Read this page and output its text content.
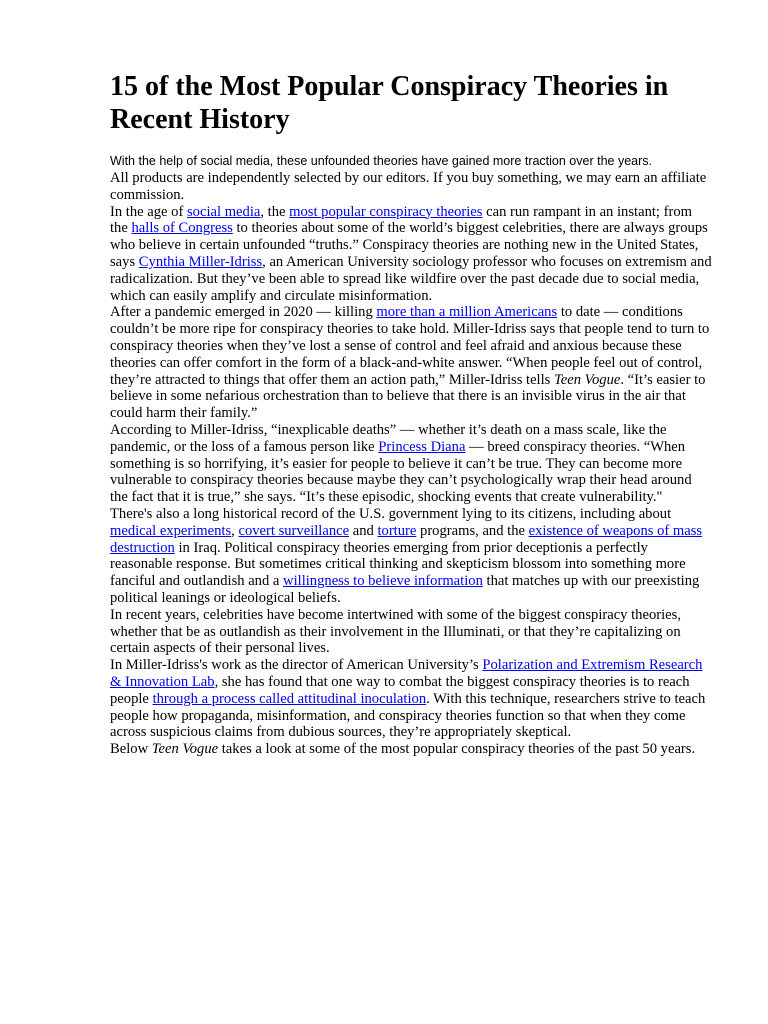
15 of the Most Popular Conspiracy Theories in Recent History

With the help of social media, these unfounded theories have gained more traction over the years.

All products are independently selected by our editors. If you buy something, we may earn an affiliate commission.

In the age of social media, the most popular conspiracy theories can run rampant in an instant; from the halls of Congress to theories about some of the world’s biggest celebrities, there are always groups who believe in certain unfounded “truths.” Conspiracy theories are nothing new in the United States, says Cynthia Miller-Idriss, an American University sociology professor who focuses on extremism and radicalization. But they’ve been able to spread like wildfire over the past decade due to social media, which can easily amplify and circulate misinformation.

After a pandemic emerged in 2020 — killing more than a million Americans to date — conditions couldn’t be more ripe for conspiracy theories to take hold. Miller-Idriss says that people tend to turn to conspiracy theories when they’ve lost a sense of control and feel afraid and anxious because these theories can offer comfort in the form of a black-and-white answer. “When people feel out of control, they’re attracted to things that offer them an action path,” Miller-Idriss tells Teen Vogue. “It’s easier to believe in some nefarious orchestration than to believe that there is an invisible virus in the air that could harm their family.”

According to Miller-Idriss, “inexplicable deaths” — whether it’s death on a mass scale, like the pandemic, or the loss of a famous person like Princess Diana — breed conspiracy theories. “When something is so horrifying, it’s easier for people to believe it can’t be true. They can become more vulnerable to conspiracy theories because maybe they can’t psychologically wrap their head around the fact that it is true,” she says. “It’s these episodic, shocking events that create vulnerability."

There's also a long historical record of the U.S. government lying to its citizens, including about medical experiments, covert surveillance and torture programs, and the existence of weapons of mass destruction in Iraq. Political conspiracy theories emerging from prior deceptionis a perfectly reasonable response. But sometimes critical thinking and skepticism blossom into something more fanciful and outlandish and a willingness to believe information that matches up with our preexisting political leanings or ideological beliefs.

In recent years, celebrities have become intertwined with some of the biggest conspiracy theories, whether that be as outlandish as their involvement in the Illuminati, or that they’re capitalizing on certain aspects of their personal lives.

In Miller-Idriss's work as the director of American University’s Polarization and Extremism Research & Innovation Lab, she has found that one way to combat the biggest conspiracy theories is to reach people through a process called attitudinal inoculation. With this technique, researchers strive to teach people how propaganda, misinformation, and conspiracy theories function so that when they come across suspicious claims from dubious sources, they’re appropriately skeptical.

Below Teen Vogue takes a look at some of the most popular conspiracy theories of the past 50 years.
